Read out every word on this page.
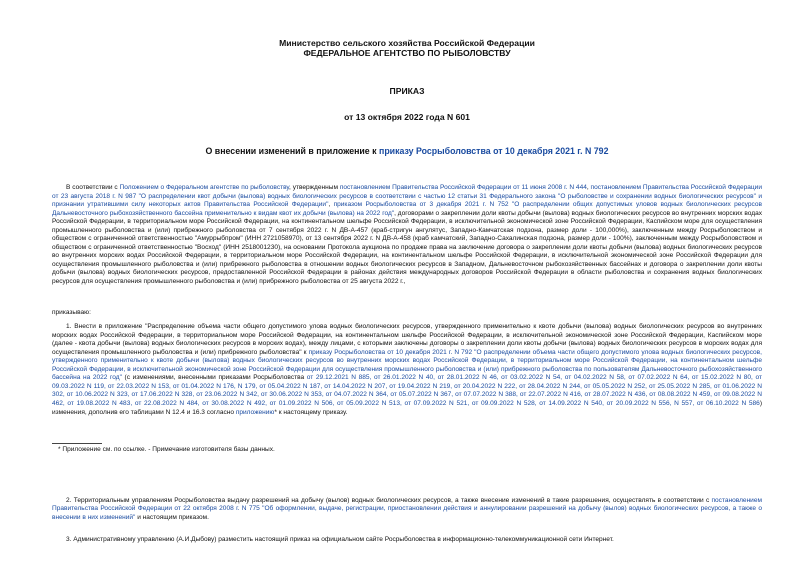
Министерство сельского хозяйства Российской Федерации
ФЕДЕРАЛЬНОЕ АГЕНТСТВО ПО РЫБОЛОВСТВУ
ПРИКАЗ
от 13 октября 2022 года N 601
О внесении изменений в приложение к приказу Росрыболовства от 10 декабря 2021 г. N 792

В соответствии с Положением о Федеральном агентстве по рыболовству, утвержденным постановлением Правительства Российской Федерации от 11 июня 2008 г. N 444, постановлением Правительства Российской Федерации от 23 августа 2018 г. N 987 "О распределении квот добычи (вылова) водных биологических ресурсов в соответствии с частью 12 статьи 31 Федерального закона "О рыболовстве и сохранении водных биологических ресурсов" и признании утратившими силу некоторых актов Правительства Российской Федерации", приказом Росрыболовства от 3 декабря 2021 г. N 752 "О распределении общих допустимых уловов водных биологических ресурсов Дальневосточного рыбохозяйственного бассейна применительно к видам квот их добычи (вылова) на 2022 год", договорами о закреплении доли квоты добычи (вылова) водных биологических ресурсов во внутренних морских водах Российской Федерации, в территориальном море Российской Федерации, на континентальном шельфе Российской Федерации, в исключительной экономической зоне Российской Федерации, Каспийском море для осуществления промышленного рыболовства и (или) прибрежного рыболовства от 7 сентября 2022 г. N ДВ-А-457 (краб-стригун ангулятус, Западно-Камчатская подзона, размер доли - 100,000%), заключенным между Росрыболовством и обществом с ограниченной ответственностью "Амуррыбпром" (ИНН 2721058970), от 13 сентября 2022 г. N ДВ-А-458 (краб камчатский, Западно-Сахалинская подзона, размер доли - 100%), заключенным между Росрыболовством и обществом с ограниченной ответственностью "Восход" (ИНН 2518001230), на основании Протокола аукциона по продаже права на заключение договора о закреплении доли квоты добычи (вылова) водных биологических ресурсов во внутренних морских водах Российской Федерации, в территориальном море Российской Федерации, на континентальном шельфе Российской Федерации, в исключительной экономической зоне Российской Федерации для осуществления промышленного рыболовства и (или) прибрежного рыболовства в отношении водных биологических ресурсов в Западном, Дальневосточном рыбохозяйственных бассейнах и договора о закреплении доли квоты добычи (вылова) водных биологических ресурсов, предоставленной Российской Федерации в районах действия международных договоров Российской Федерации в области рыболовства и сохранения водных биологических ресурсов для осуществления промышленного рыболовства и (или) прибрежного рыболовства от 25 августа 2022 г.,

приказываю:

1. Внести в приложение "Распределение объема части общего допустимого улова водных биологических ресурсов, утвержденного применительно к квоте добычи (вылова) водных биологических ресурсов во внутренних морских водах Российской Федерации, в территориальном море Российской Федерации, на континентальном шельфе Российской Федерации, в исключительной экономической зоне Российской Федерации, Каспийском море (далее - квота добычи (вылова) водных биологических ресурсов в морских водах), между лицами, с которыми заключены договоры о закреплении доли квоты добычи (вылова) водных биологических ресурсов в морских водах для осуществления промышленного рыболовства и (или) прибрежного рыболовства" к приказу Росрыболовства от 10 декабря 2021 г. N 792 "О распределении объема части общего допустимого улова водных биологических ресурсов, утвержденного применительно к квоте добычи (вылова) водных биологических ресурсов во внутренних морских водах Российской Федерации, в территориальном море Российской Федерации, на континентальном шельфе Российской Федерации, в исключительной экономической зоне Российской Федерации для осуществления промышленного рыболовства и (или) прибрежного рыболовства по пользователям Дальневосточного рыбохозяйственного бассейна на 2022 год" (с изменениями, внесенными приказами Росрыболовства от 29.12.2021 N 885, от 26.01.2022 N 40, от 28.01.2022 N 46, от 03.02.2022 N 54, от 04.02.2022 N 58, от 07.02.2022 N 64, от 15.02.2022 N 80, от 09.03.2022 N 119, от 22.03.2022 N 153, от 01.04.2022 N 176, N 179, от 05.04.2022 N 187, от 14.04.2022 N 207, от 19.04.2022 N 219, от 20.04.2022 N 222, от 28.04.2022 N 244, от 05.05.2022 N 252, от 25.05.2022 N 285, от 01.06.2022 N 302, от 10.06.2022 N 323, от 17.06.2022 N 328, от 23.06.2022 N 342, от 30.06.2022 N 353, от 04.07.2022 N 364, от 05.07.2022 N 367, от 07.07.2022 N 388, от 22.07.2022 N 416, от 28.07.2022 N 436, от 08.08.2022 N 459, от 09.08.2022 N 462, от 19.08.2022 N 483, от 22.08.2022 N 484, от 30.08.2022 N 492, от 01.09.2022 N 506, от 05.09.2022 N 513, от 07.09.2022 N 521, от 09.09.2022 N 528, от 14.09.2022 N 540, от 20.09.2022 N 556, N 557, от 06.10.2022 N 586) изменения, дополнив его таблицами N 12.4 и 16.3 согласно приложению* к настоящему приказу.

* Приложение см. по ссылке. - Примечание изготовителя базы данных.

2. Территориальным управлениям Росрыболовства выдачу разрешений на добычу (вылов) водных биологических ресурсов, а также внесение изменений в такие разрешения, осуществлять в соответствии с постановлением Правительства Российской Федерации от 22 октября 2008 г. N 775 "Об оформлении, выдаче, регистрации, приостановлении действия и аннулировании разрешений на добычу (вылов) водных биологических ресурсов, а также о внесении в них изменений" и настоящим приказом.

3. Административному управлению (А.И.Дыбову) разместить настоящий приказ на официальном сайте Росрыболовства в информационно-телекоммуникационной сети Интернет.
